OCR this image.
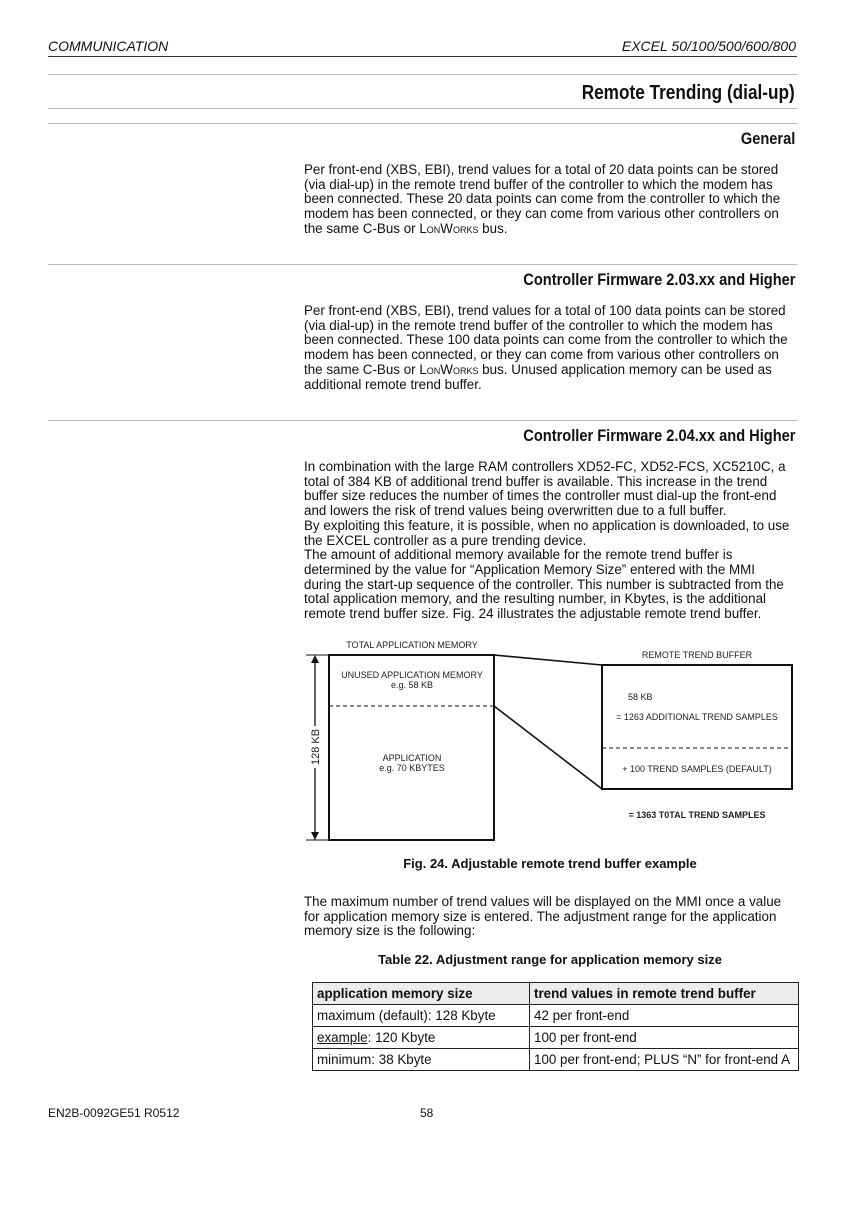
COMMUNICATION	EXCEL 50/100/500/600/800
Remote Trending (dial-up)
General

Per front-end (XBS, EBI), trend values for a total of 20 data points can be stored (via dial-up) in the remote trend buffer of the controller to which the modem has been connected. These 20 data points can come from the controller to which the modem has been connected, or they can come from various other controllers on the same C-Bus or LonWorks bus.

Controller Firmware 2.03.xx and Higher

Per front-end (XBS, EBI), trend values for a total of 100 data points can be stored (via dial-up) in the remote trend buffer of the controller to which the modem has been connected. These 100 data points can come from the controller to which the modem has been connected, or they can come from various other controllers on the same C-Bus or LonWorks bus. Unused application memory can be used as additional remote trend buffer.

Controller Firmware 2.04.xx and Higher

In combination with the large RAM controllers XD52-FC, XD52-FCS, XC5210C, a total of 384 KB of additional trend buffer is available. This increase in the trend buffer size reduces the number of times the controller must dial-up the front-end and lowers the risk of trend values being overwritten due to a full buffer.

By exploiting this feature, it is possible, when no application is downloaded, to use the EXCEL controller as a pure trending device.

The amount of additional memory available for the remote trend buffer is determined by the value for “Application Memory Size” entered with the MMI during the start-up sequence of the controller. This number is subtracted from the total application memory, and the resulting number, in Kbytes, is the additional remote trend buffer size. Fig. 24 illustrates the adjustable remote trend buffer.

TOTAL APPLICATION MEMORY
UNUSED APPLICATION MEMORY
e.g. 58 KB
APPLICATION
e.g. 70 KBYTES
128 KB
REMOTE TREND BUFFER
58 KB
= 1263 ADDITIONAL TREND SAMPLES
+ 100 TREND SAMPLES (DEFAULT)
= 1363 T0TAL TREND SAMPLES
Fig. 24. Adjustable remote trend buffer example

The maximum number of trend values will be displayed on the MMI once a value for application memory size is entered. The adjustment range for the application memory size is the following:

Table 22. Adjustment range for application memory size
application memory size	trend values in remote trend buffer
maximum (default): 128 Kbyte	42 per front-end
example: 120 Kbyte	100 per front-end
minimum: 38 Kbyte	100 per front-end; PLUS “N” for front-end A
EN2B-0092GE51 R0512	58
